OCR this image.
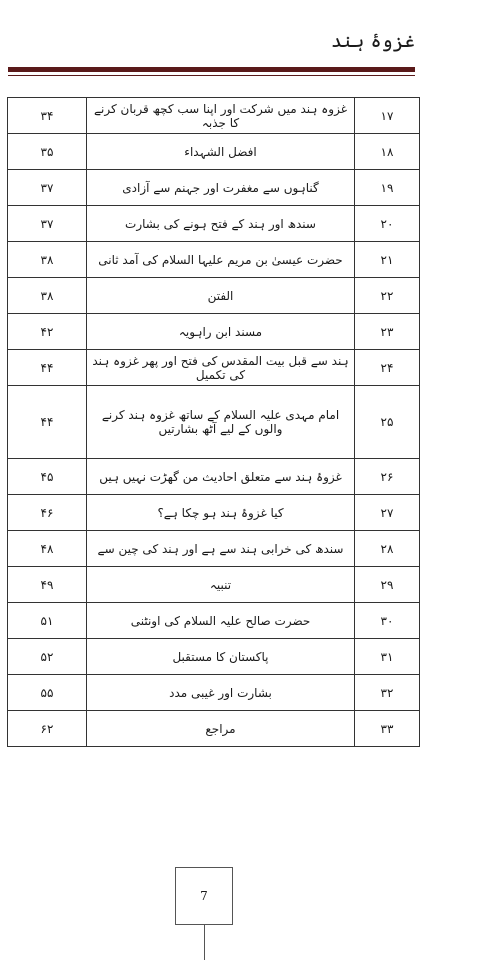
غزوۂ ہند
۱۷	غزوہ ہند میں شرکت اور اپنا سب کچھ قربان کرنے کا جذبہ	۳۴
۱۸	افضل الشہداء	۳۵
۱۹	گناہوں سے مغفرت اور جہنم سے آزادی	۳۷
۲۰	سندھ اور ہند کے فتح ہونے کی بشارت	۳۷
۲۱	حضرت عیسیٰ بن مریم علیہا السلام کی آمد ثانی	۳۸
۲۲	الفتن	۳۸
۲۳	مسند ابن راہویہ	۴۲
۲۴	ہند سے قبل بیت المقدس کی فتح اور پھر غزوہ ہند کی تکمیل	۴۴
۲۵	امام مہدی علیہ السلام کے ساتھ غزوہ ہند کرنے والوں کے لیے آٹھ بشارتیں	۴۴
۲۶	غزوۂ ہند سے متعلق احادیث من گھڑت نہیں ہیں	۴۵
۲۷	کیا غزوۂ ہند ہو چکا ہے؟	۴۶
۲۸	سندھ کی خرابی ہند سے ہے اور ہند کی چین سے	۴۸
۲۹	تنبیہ	۴۹
۳۰	حضرت صالح علیہ السلام کی اونٹنی	۵۱
۳۱	پاکستان کا مستقبل	۵۲
۳۲	بشارت اور غیبی مدد	۵۵
۳۳	مراجع	۶۲
7
